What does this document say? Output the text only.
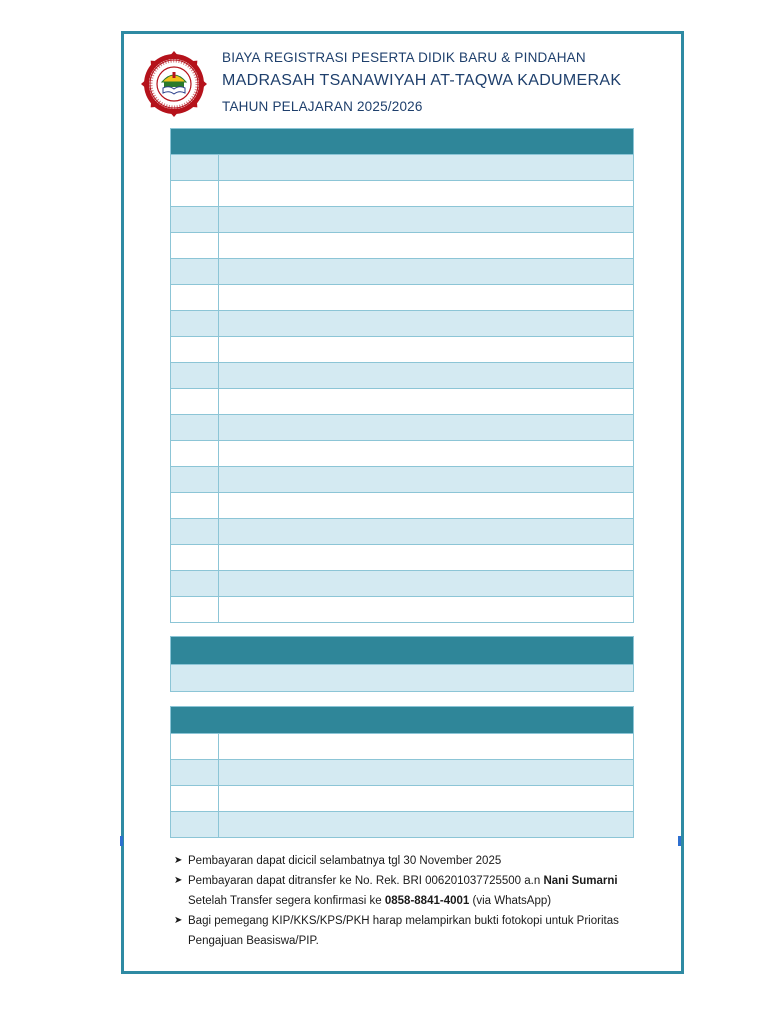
BIAYA REGISTRASI PESERTA DIDIK BARU & PINDAHAN
MADRASAH TSANAWIYAH AT-TAQWA KADUMERAK
TAHUN PELAJARAN 2025/2026
➤ Pembayaran dapat dicicil selambatnya tgl 30 November 2025
➤ Pembayaran dapat ditransfer ke No. Rek. BRI 006201037725500 a.n Nani Sumarni
Setelah Transfer segera konfirmasi ke 0858-8841-4001 (via WhatsApp)
➤ Bagi pemegang KIP/KKS/KPS/PKH harap melampirkan bukti fotokopi untuk Prioritas
Pengajuan Beasiswa/PIP.
